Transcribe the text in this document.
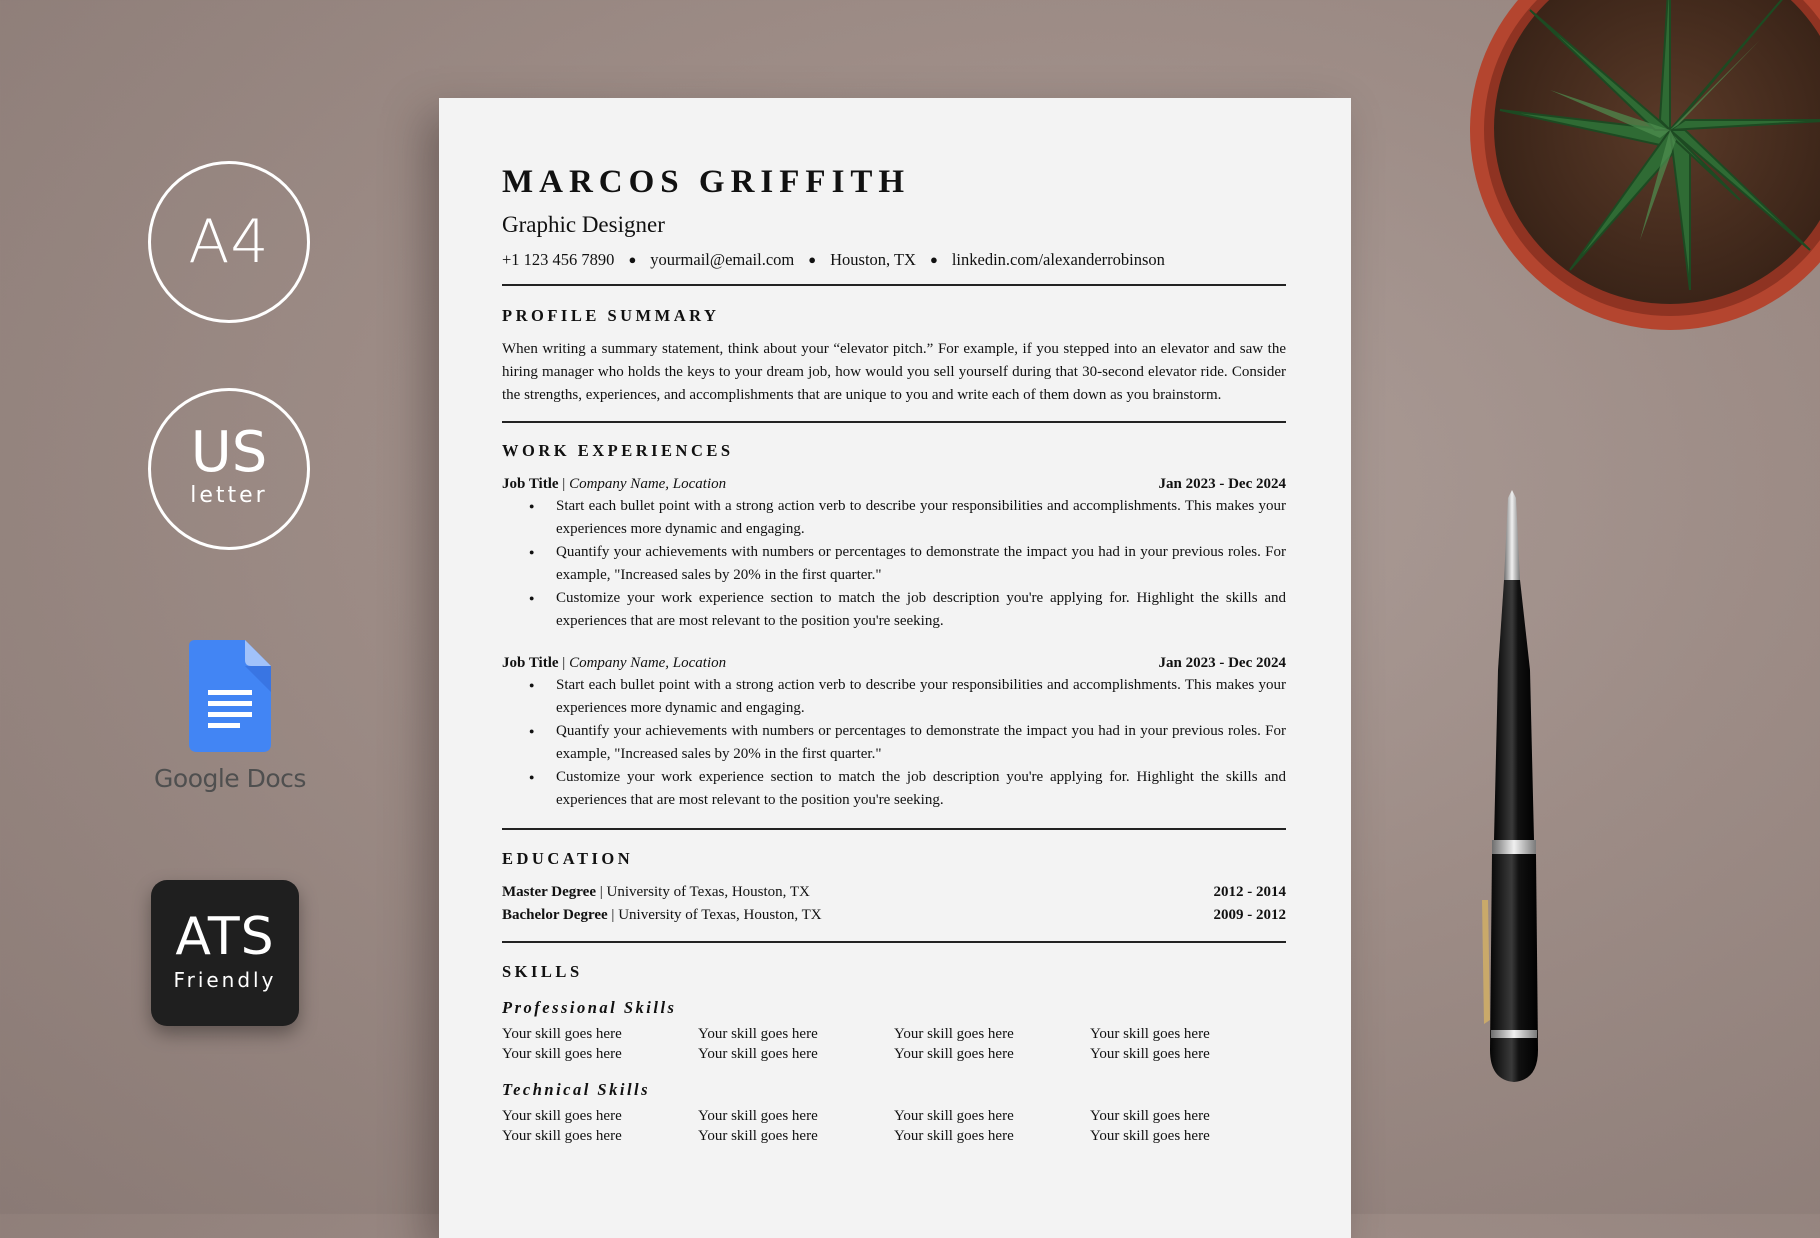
A4
US
letter
Google Docs
ATS
Friendly
MARCOS GRIFFITH
Graphic Designer
+1 123 456 7890 ● yourmail@email.com ● Houston, TX ● linkedin.com/alexanderrobinson
PROFILE SUMMARY
When writing a summary statement, think about your “elevator pitch.” For example, if you stepped into an elevator and saw the hiring manager who holds the keys to your dream job, how would you sell yourself during that 30-second elevator ride. Consider the strengths, experiences, and accomplishments that are unique to you and write each of them down as you brainstorm.
WORK EXPERIENCES
Job Title | Company Name, Location	Jan 2023 - Dec 2024
● Start each bullet point with a strong action verb to describe your responsibilities and accomplishments. This makes your experiences more dynamic and engaging.
● Quantify your achievements with numbers or percentages to demonstrate the impact you had in your previous roles. For example, "Increased sales by 20% in the first quarter."
● Customize your work experience section to match the job description you're applying for. Highlight the skills and experiences that are most relevant to the position you're seeking.
Job Title | Company Name, Location	Jan 2023 - Dec 2024
● Start each bullet point with a strong action verb to describe your responsibilities and accomplishments. This makes your experiences more dynamic and engaging.
● Quantify your achievements with numbers or percentages to demonstrate the impact you had in your previous roles. For example, "Increased sales by 20% in the first quarter."
● Customize your work experience section to match the job description you're applying for. Highlight the skills and experiences that are most relevant to the position you're seeking.
EDUCATION
Master Degree | University of Texas, Houston, TX	2012 - 2014
Bachelor Degree | University of Texas, Houston, TX	2009 - 2012
SKILLS
Professional Skills
Your skill goes here	Your skill goes here	Your skill goes here	Your skill goes here
Your skill goes here	Your skill goes here	Your skill goes here	Your skill goes here
Technical Skills
Your skill goes here	Your skill goes here	Your skill goes here	Your skill goes here
Your skill goes here	Your skill goes here	Your skill goes here	Your skill goes here
